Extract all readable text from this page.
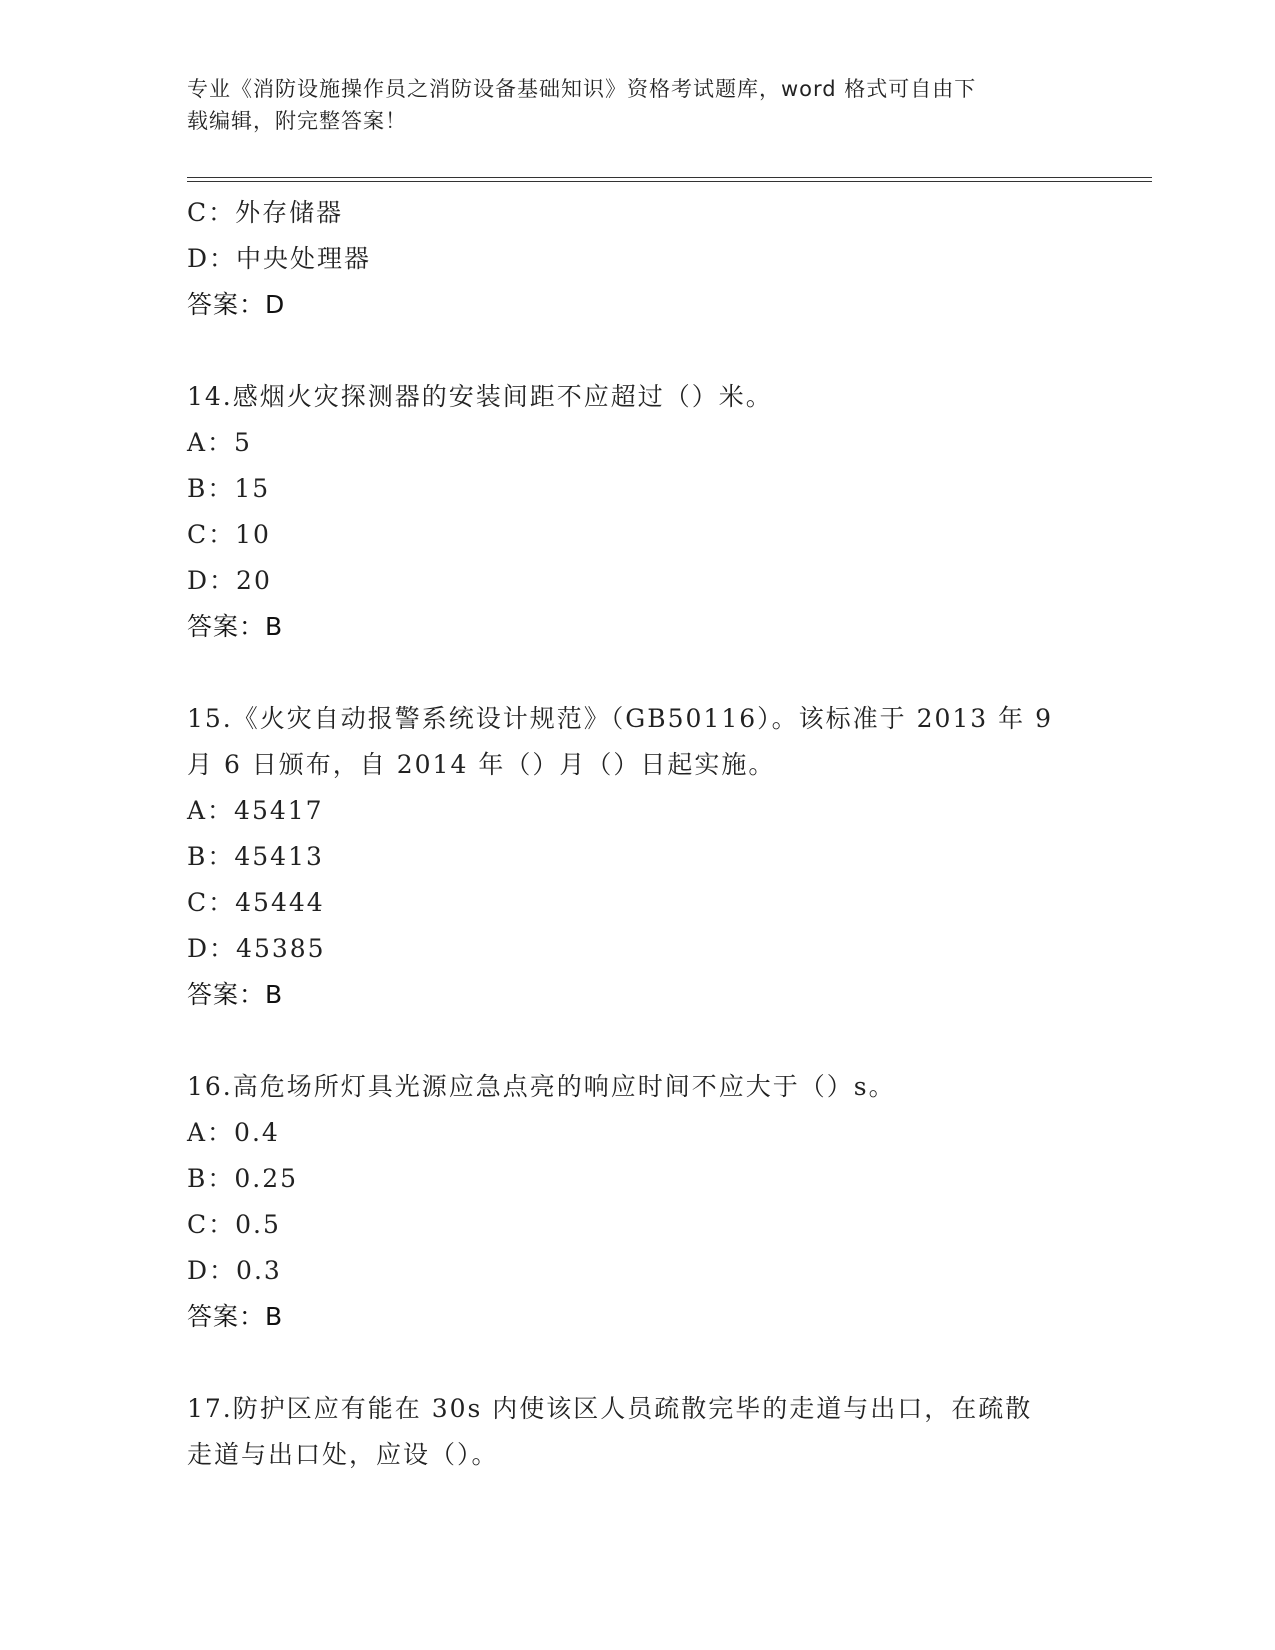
专业《消防设施操作员之消防设备基础知识》资格考试题库，word 格式可自由下
载编辑，附完整答案！
C：外存储器
D：中央处理器
答案：D
14.感烟火灾探测器的安装间距不应超过（）米。
A：5
B：15
C：10
D：20
答案：B
15.《火灾自动报警系统设计规范》（GB50116）。该标准于 2013 年 9
月 6 日颁布，自 2014 年（）月（）日起实施。
A：45417
B：45413
C：45444
D：45385
答案：B
16.高危场所灯具光源应急点亮的响应时间不应大于（）s。
A：0.4
B：0.25
C：0.5
D：0.3
答案：B
17.防护区应有能在 30s 内使该区人员疏散完毕的走道与出口，在疏散
走道与出口处，应设（）。
